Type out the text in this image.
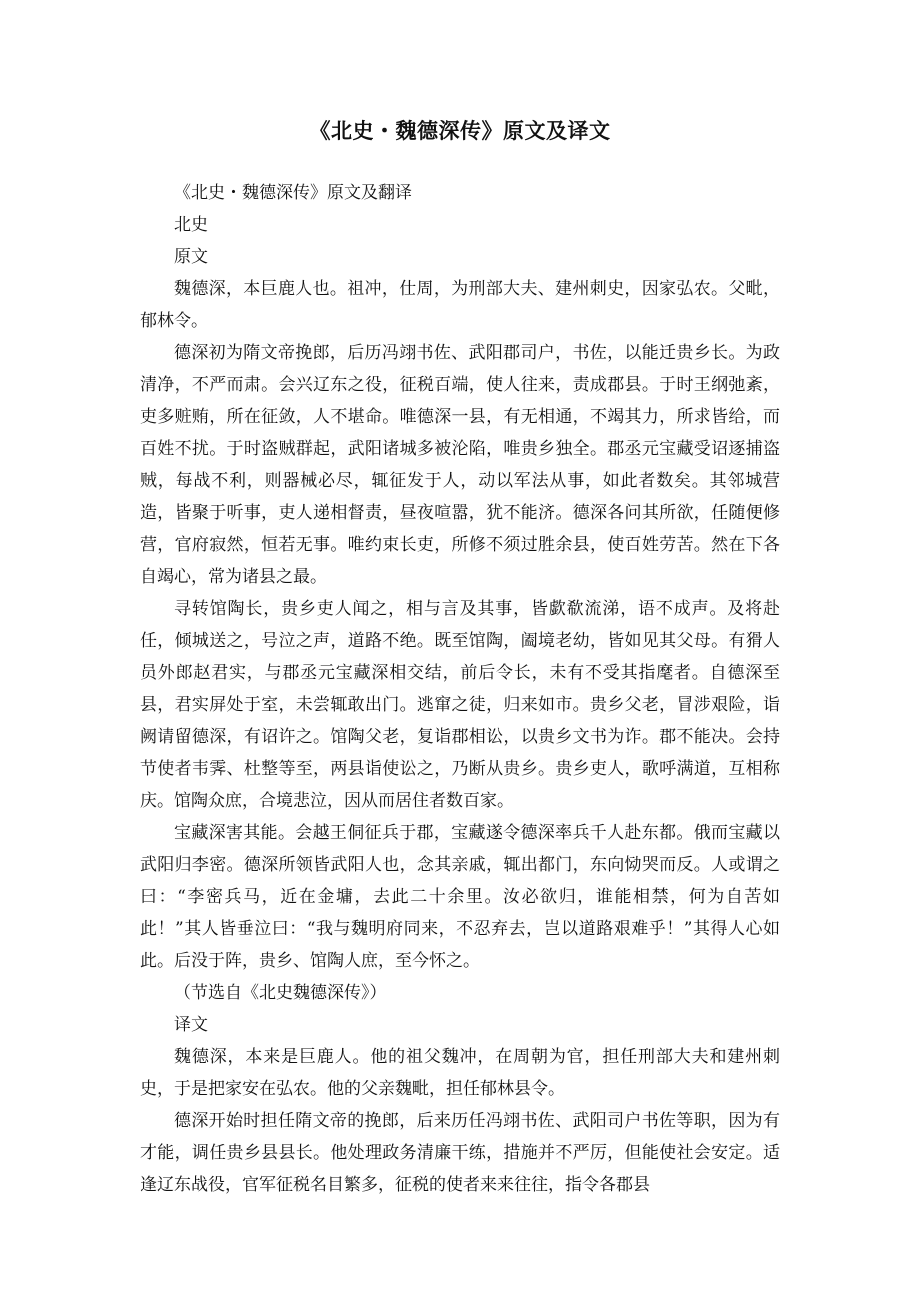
《北史・魏德深传》原文及译文

《北史・魏德深传》原文及翻译

北史

原文

魏德深，本巨鹿人也。祖冲，仕周，为刑部大夫、建州刺史，因家弘农。父毗，郁林令。

德深初为隋文帝挽郎，后历冯翊书佐、武阳郡司户，书佐，以能迁贵乡长。为政清净，不严而肃。会兴辽东之役，征税百端，使人往来，责成郡县。于时王纲弛紊，吏多赃贿，所在征敛，人不堪命。唯德深一县，有无相通，不竭其力，所求皆给，而百姓不扰。于时盗贼群起，武阳诸城多被沦陷，唯贵乡独全。郡丞元宝藏受诏逐捕盗贼，每战不利，则器械必尽，辄征发于人，动以军法从事，如此者数矣。其邻城营造，皆聚于听事，吏人递相督责，昼夜喧嚣，犹不能济。德深各问其所欲，任随便修营，官府寂然，恒若无事。唯约束长吏，所修不须过胜余县，使百姓劳苦。然在下各自竭心，常为诸县之最。

寻转馆陶长，贵乡吏人闻之，相与言及其事，皆歔欷流涕，语不成声。及将赴任，倾城送之，号泣之声，道路不绝。既至馆陶，阖境老幼，皆如见其父母。有猾人员外郎赵君实，与郡丞元宝藏深相交结，前后令长，未有不受其指麾者。自德深至县，君实屏处于室，未尝辄敢出门。逃窜之徒，归来如市。贵乡父老，冒涉艰险，诣阙请留德深，有诏许之。馆陶父老，复诣郡相讼，以贵乡文书为诈。郡不能决。会持节使者韦霁、杜整等至，两县诣使讼之，乃断从贵乡。贵乡吏人，歌呼满道，互相称庆。馆陶众庶，合境悲泣，因从而居住者数百家。

宝藏深害其能。会越王侗征兵于郡，宝藏遂令德深率兵千人赴东都。俄而宝藏以武阳归李密。德深所领皆武阳人也，念其亲戚，辄出都门，东向恸哭而反。人或谓之曰：“李密兵马，近在金墉，去此二十余里。汝必欲归，谁能相禁，何为自苦如此！”其人皆垂泣曰：“我与魏明府同来，不忍弃去，岂以道路艰难乎！”其得人心如此。后没于阵，贵乡、馆陶人庶，至今怀之。

（节选自《北史魏德深传》）

译文

魏德深，本来是巨鹿人。他的祖父魏冲，在周朝为官，担任刑部大夫和建州刺史，于是把家安在弘农。他的父亲魏毗，担任郁林县令。

德深开始时担任隋文帝的挽郎，后来历任冯翊书佐、武阳司户书佐等职，因为有才能，调任贵乡县县长。他处理政务清廉干练，措施并不严厉，但能使社会安定。适逢辽东战役，官军征税名目繁多，征税的使者来来往往，指令各郡县
